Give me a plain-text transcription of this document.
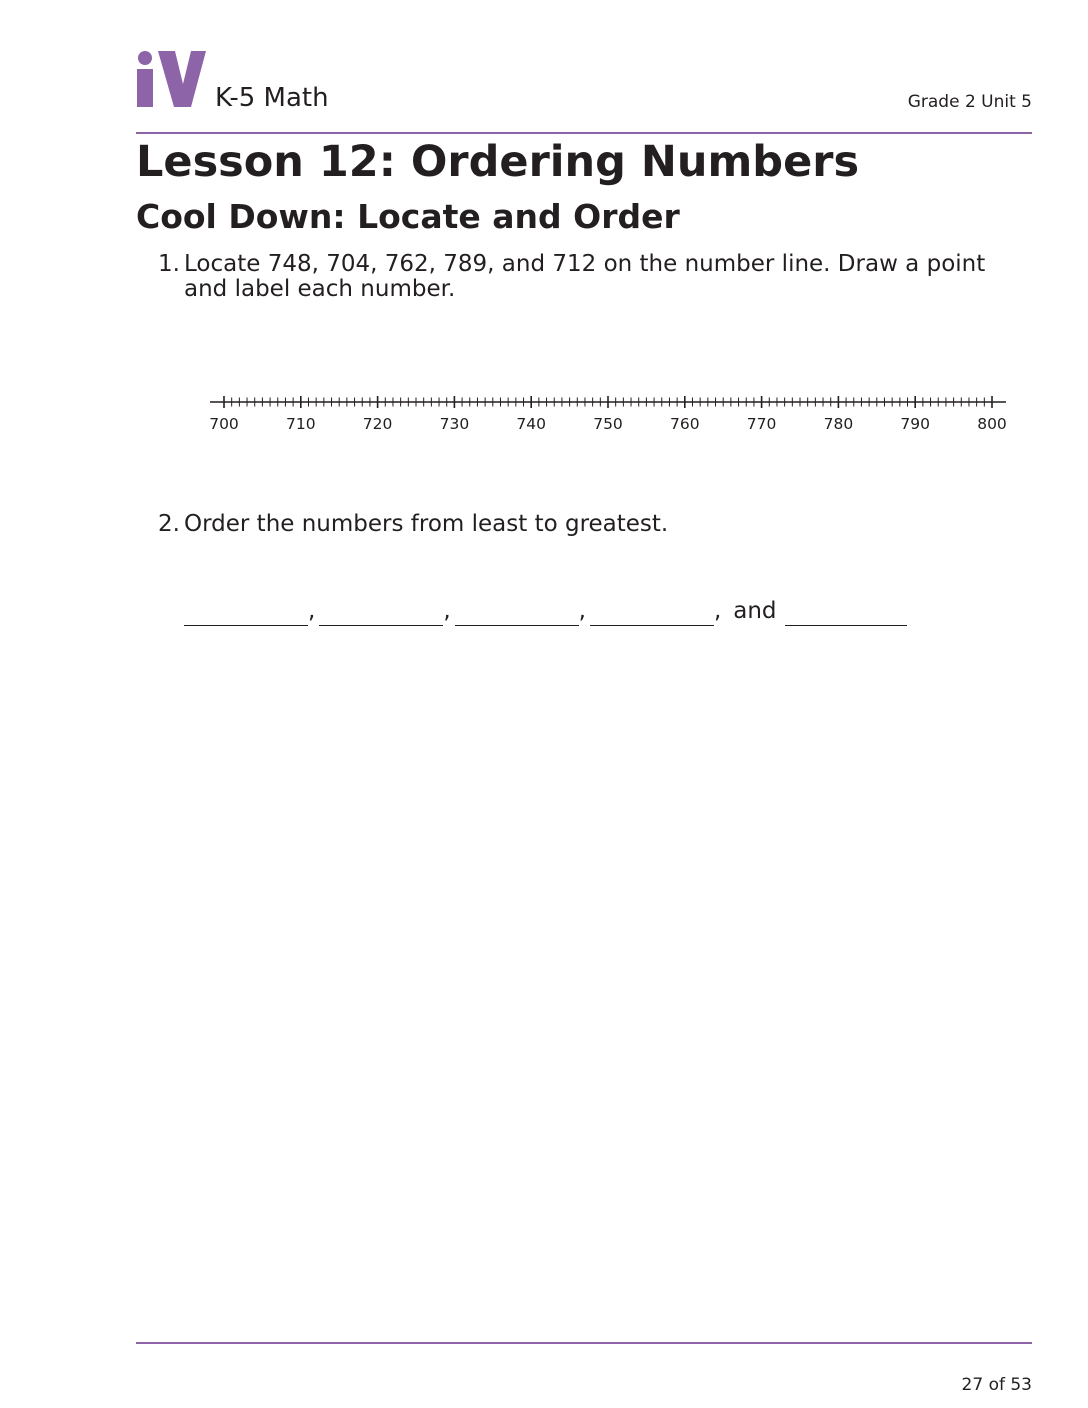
K-5 Math	Grade 2 Unit 5
Lesson 12: Ordering Numbers
Cool Down: Locate and Order
1. Locate 748, 704, 762, 789, and 712 on the number line. Draw a point and label each number.
700	710	720	730	740	750	760	770	780	790	800
2. Order the numbers from least to greatest.
,	,	,	, and
27 of 53
